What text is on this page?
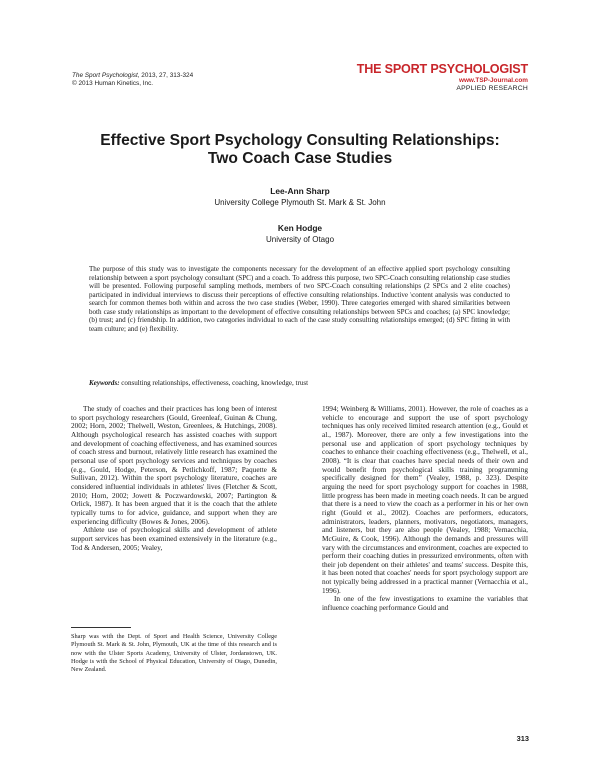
The Sport Psychologist, 2013, 27, 313-324
© 2013 Human Kinetics, Inc.
THE SPORT PSYCHOLOGIST
www.TSP-Journal.com
APPLIED RESEARCH
Effective Sport Psychology Consulting Relationships:
Two Coach Case Studies
Lee-Ann Sharp
University College Plymouth St. Mark & St. John
Ken Hodge
University of Otago
The purpose of this study was to investigate the components necessary for the development of an effective applied sport psychology consulting relationship between a sport psychology consultant (SPC) and a coach. To address this purpose, two SPC-Coach consulting relationship case studies will be presented. Following purposeful sampling methods, members of two SPC-Coach consulting relationships (2 SPCs and 2 elite coaches) participated in individual interviews to discuss their perceptions of effective consulting relationships. Inductive \content analysis was conducted to search for common themes both within and across the two case studies (Weber, 1990). Three categories emerged with shared similarities between both case study relationships as important to the development of effective consulting relationships between SPCs and coaches; (a) SPC knowledge; (b) trust; and (c) friendship. In addition, two categories individual to each of the case study consulting relationships emerged; (d) SPC fitting in with team culture; and (e) flexibility.
Keywords: consulting relationships, effectiveness, coaching, knowledge, trust

The study of coaches and their practices has long been of interest to sport psychology researchers (Gould, Greenleaf, Guinan & Chung, 2002; Horn, 2002; Thelwell, Weston, Greenlees, & Hutchings, 2008). Although psychological research has assisted coaches with support and development of coaching effectiveness, and has examined sources of coach stress and burnout, relatively little research has examined the personal use of sport psychology services and techniques by coaches (e.g., Gould, Hodge, Peterson, & Petlichkoff, 1987; Paquette & Sullivan, 2012). Within the sport psychology literature, coaches are considered influential individuals in athletes' lives (Fletcher & Scott, 2010; Horn, 2002; Jowett & Poczwardowski, 2007; Partington & Orlick, 1987). It has been argued that it is the coach that the athlete typically turns to for advice, guidance, and support when they are experiencing difficulty (Bowes & Jones, 2006).

Athlete use of psychological skills and development of athlete support services has been examined extensively in the literature (e.g., Tod & Andersen, 2005; Vealey,

1994; Weinberg & Williams, 2001). However, the role of coaches as a vehicle to encourage and support the use of sport psychology techniques has only received limited research attention (e.g., Gould et al., 1987). Moreover, there are only a few investigations into the personal use and application of sport psychology techniques by coaches to enhance their coaching effectiveness (e.g., Thelwell, et al., 2008). “It is clear that coaches have special needs of their own and would benefit from psychological skills training programming specifically designed for them” (Vealey, 1988, p. 323). Despite arguing the need for sport psychology support for coaches in 1988, little progress has been made in meeting coach needs. It can be argued that there is a need to view the coach as a performer in his or her own right (Gould et al., 2002). Coaches are performers, educators, administrators, leaders, planners, motivators, negotiators, managers, and listeners, but they are also people (Vealey, 1988; Vernacchia, McGuire, & Cook, 1996). Although the demands and pressures will vary with the circumstances and environment, coaches are expected to perform their coaching duties in pressurized environments, often with their job dependent on their athletes' and teams' success. Despite this, it has been noted that coaches' needs for sport psychology support are not typically being addressed in a practical manner (Vernacchia et al., 1996).

In one of the few investigations to examine the variables that influence coaching performance Gould and

Sharp was with the Dept. of Sport and Health Science, University College Plymouth St. Mark & St. John, Plymouth, UK at the time of this research and is now with the Ulster Sports Academy, University of Ulster, Jordanstown, UK. Hodge is with the School of Physical Education, University of Otago, Dunedin, New Zealand.
313
